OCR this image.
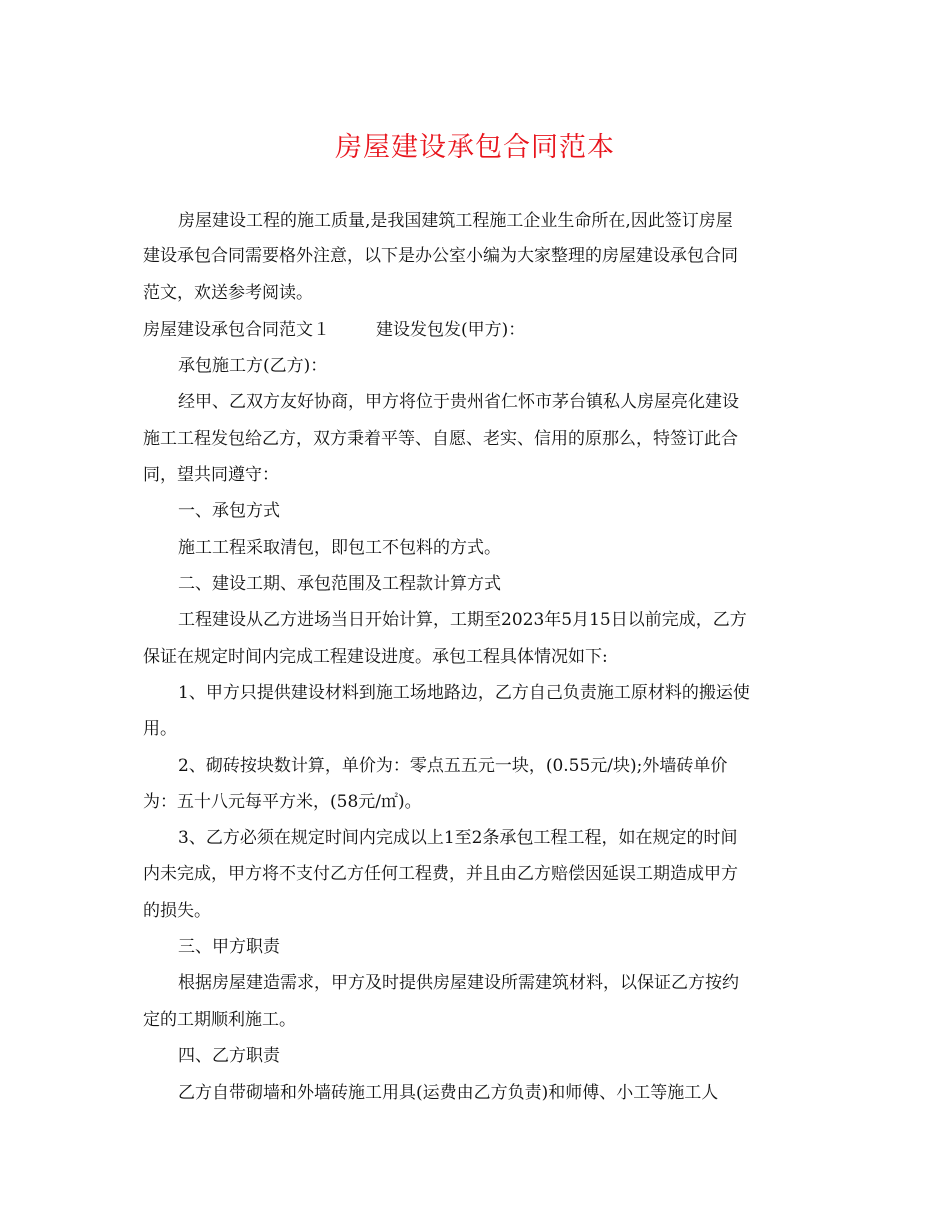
房屋建设承包合同范本
房屋建设工程的施工质量,是我国建筑工程施工企业生命所在,因此签订房屋
建设承包合同需要格外注意，以下是办公室小编为大家整理的房屋建设承包合同
范文，欢送参考阅读。
房屋建设承包合同范文１	建设发包发(甲方)：
承包施工方(乙方)：
经甲、乙双方友好协商，甲方将位于贵州省仁怀市茅台镇私人房屋亮化建设
施工工程发包给乙方，双方秉着平等、自愿、老实、信用的原那么，特签订此合
同，望共同遵守：
一、承包方式
施工工程采取清包，即包工不包料的方式。
二、建设工期、承包范围及工程款计算方式
工程建设从乙方进场当日开始计算，工期至2023年5月15日以前完成，乙方
保证在规定时间内完成工程建设进度。承包工程具体情况如下:
1、甲方只提供建设材料到施工场地路边，乙方自己负责施工原材料的搬运使
用。
2、砌砖按块数计算，单价为：零点五五元一块，(0.55元/块);外墙砖单价
为：五十八元每平方米，(58元/㎡)。
3、乙方必须在规定时间内完成以上1至2条承包工程工程，如在规定的时间
内未完成，甲方将不支付乙方任何工程费，并且由乙方赔偿因延误工期造成甲方
的损失。
三、甲方职责
根据房屋建造需求，甲方及时提供房屋建设所需建筑材料，以保证乙方按约
定的工期顺利施工。
四、乙方职责
乙方自带砌墙和外墙砖施工用具(运费由乙方负责)和师傅、小工等施工人
